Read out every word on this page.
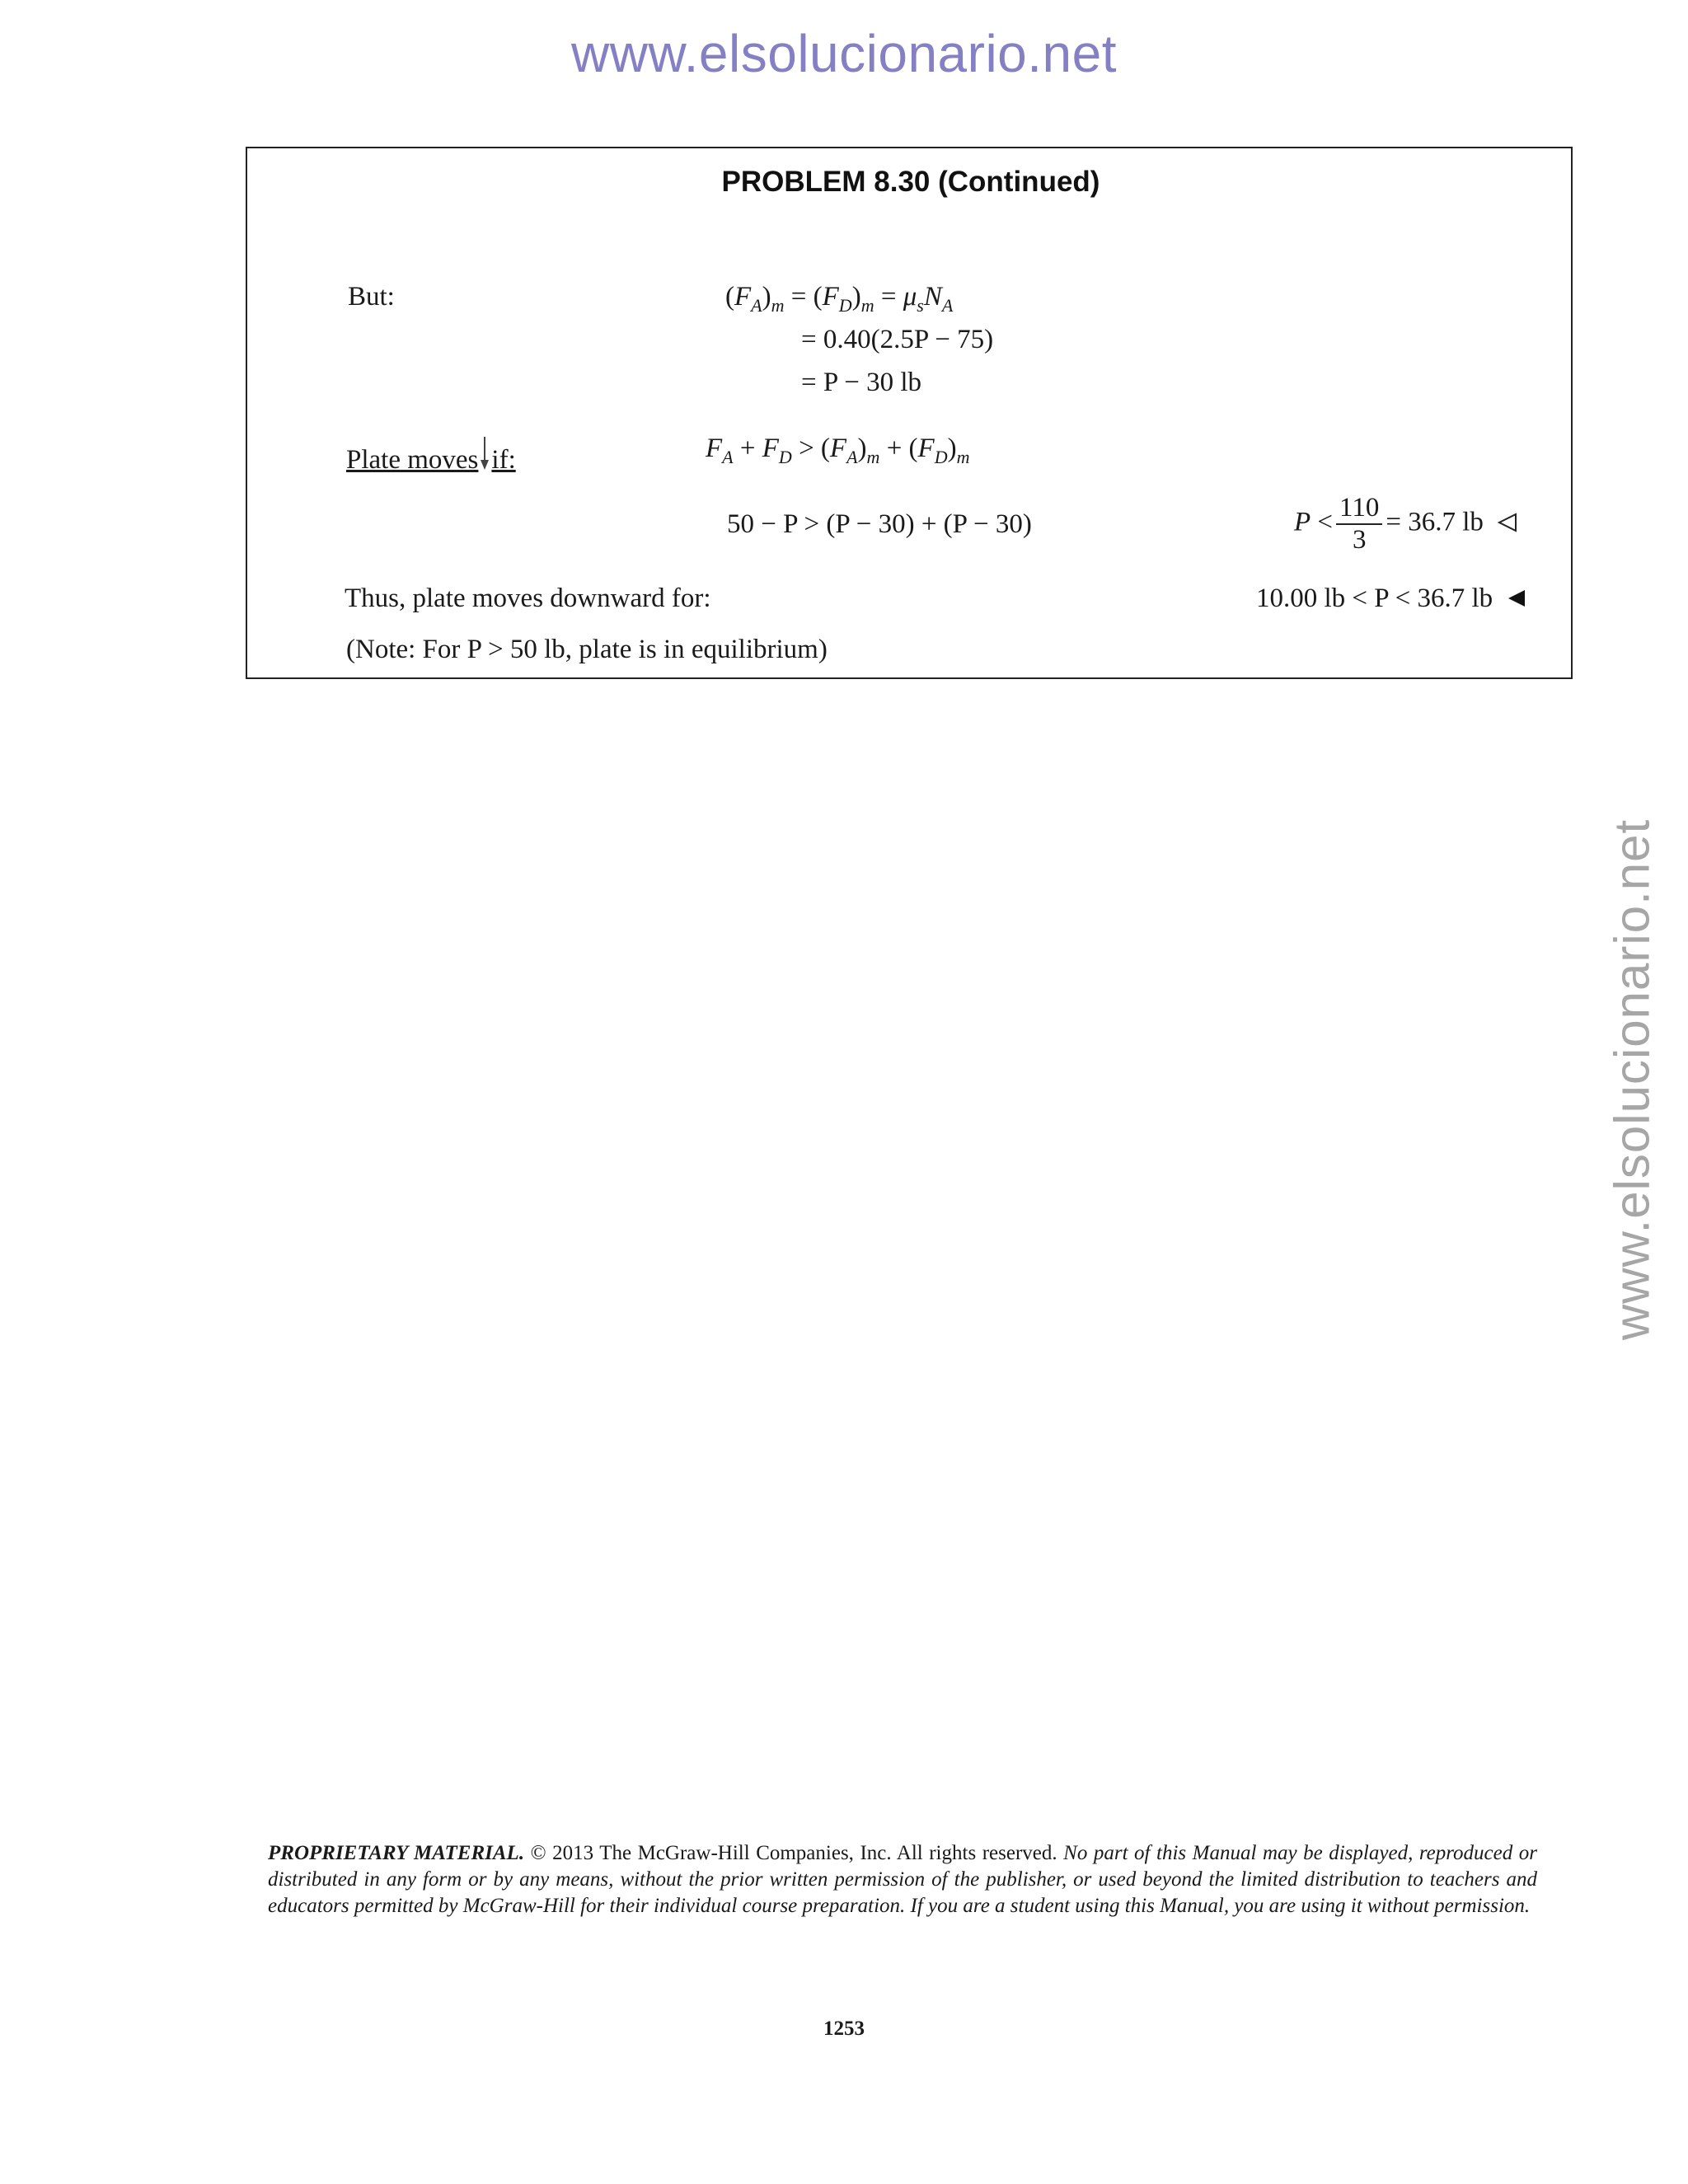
www.elsolucionario.net
www.elsolucionario.net
PROBLEM 8.30 (Continued)
But:	$(F_A)_m = (F_D)_m = \mu_sN_A$
= 0.40(2.5P − 75)
= P − 30 lb
Plate moves if:	$F_A + F_D > (F_A)_m + (F_D)_m$
50 − P > (P − 30) + (P − 30)	$P < \frac{110}{3} = 36.7$ lb
Thus, plate moves downward for:	10.00 lb < P < 36.7 lb
(Note: For P > 50 lb, plate is in equilibrium)
PROPRIETARY MATERIAL. © 2013 The McGraw-Hill Companies, Inc. All rights reserved. No part of this Manual may be displayed, reproduced or distributed in any form or by any means, without the prior written permission of the publisher, or used beyond the limited distribution to teachers and educators permitted by McGraw-Hill for their individual course preparation. If you are a student using this Manual, you are using it without permission.
1253
